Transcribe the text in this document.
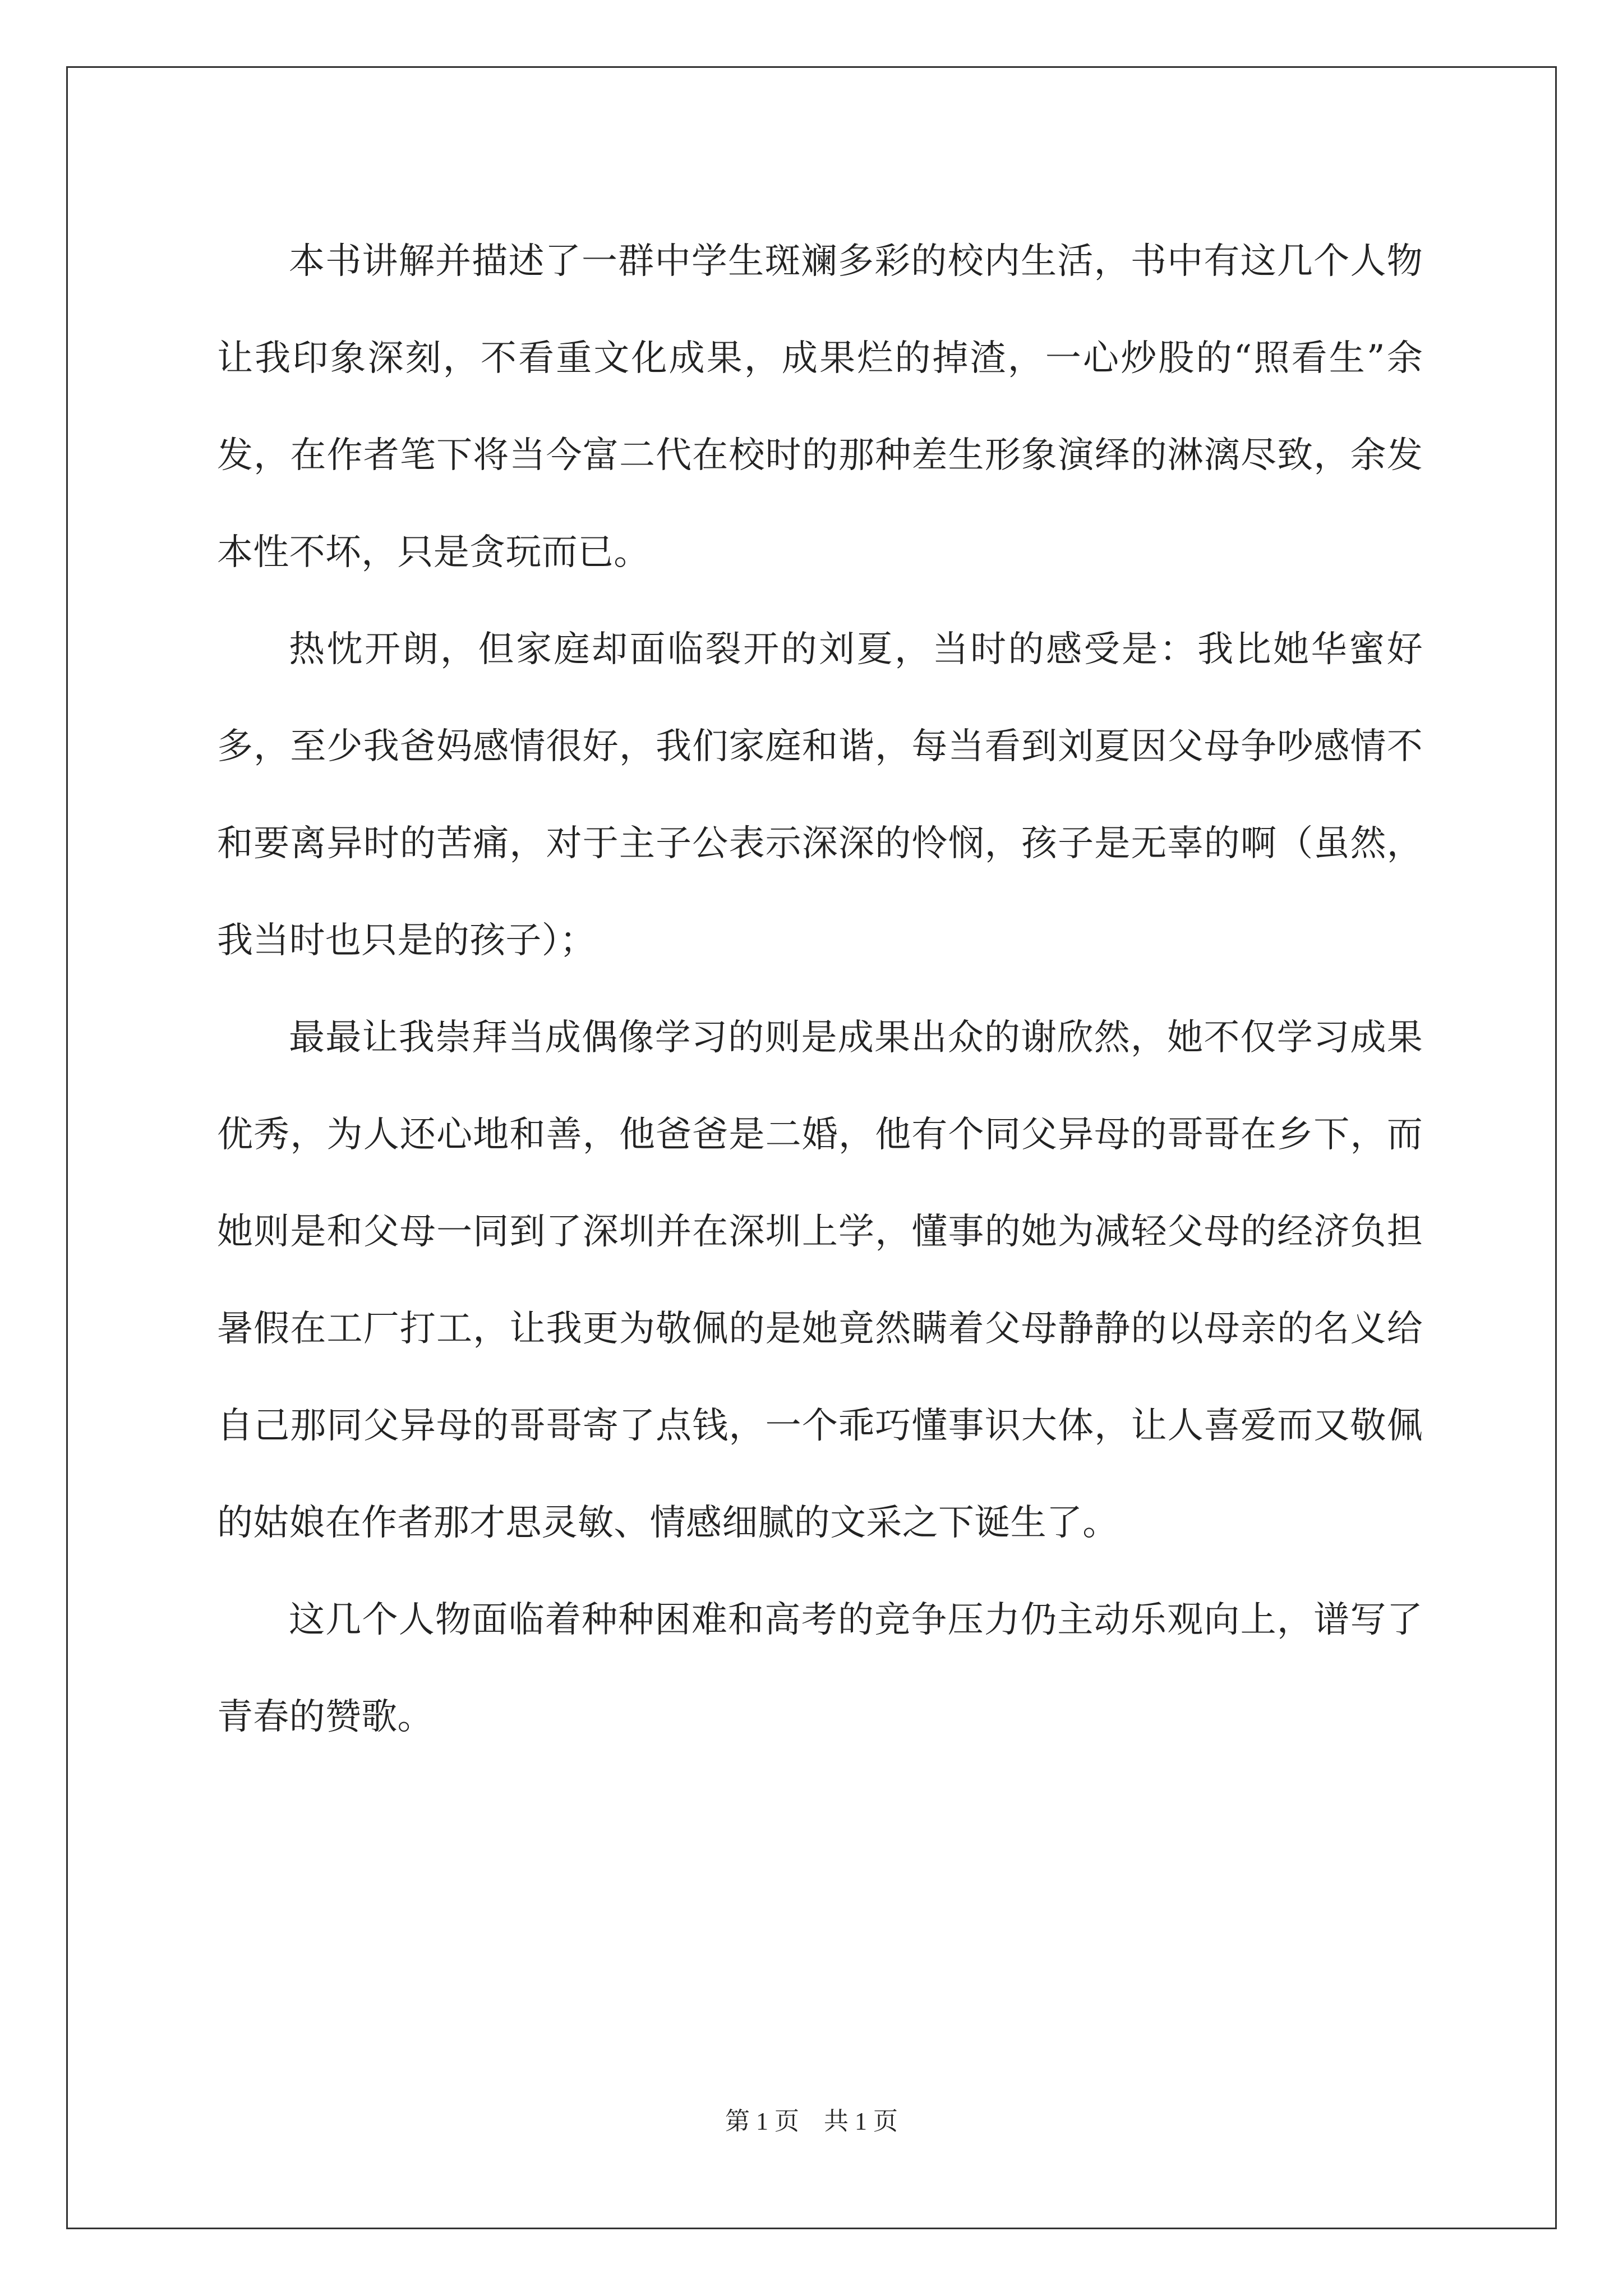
本书讲解并描述了一群中学生斑斓多彩的校内生活，书中有这几个人物让我印象深刻，不看重文化成果，成果烂的掉渣，一心炒股的“照看生”余发，在作者笔下将当今富二代在校时的那种差生形象演绎的淋漓尽致，余发本性不坏，只是贪玩而已。

热忱开朗，但家庭却面临裂开的刘夏，当时的感受是：我比她华蜜好多，至少我爸妈感情很好，我们家庭和谐，每当看到刘夏因父母争吵感情不和要离异时的苦痛，对于主子公表示深深的怜悯，孩子是无辜的啊（虽然，我当时也只是的孩子）；

最最让我崇拜当成偶像学习的则是成果出众的谢欣然，她不仅学习成果优秀，为人还心地和善，他爸爸是二婚，他有个同父异母的哥哥在乡下，而她则是和父母一同到了深圳并在深圳上学，懂事的她为减轻父母的经济负担暑假在工厂打工，让我更为敬佩的是她竟然瞒着父母静静的以母亲的名义给自己那同父异母的哥哥寄了点钱，一个乖巧懂事识大体，让人喜爱而又敬佩的姑娘在作者那才思灵敏、情感细腻的文采之下诞生了。

这几个人物面临着种种困难和高考的竞争压力仍主动乐观向上，谱写了青春的赞歌。

第 1 页　共 1 页
